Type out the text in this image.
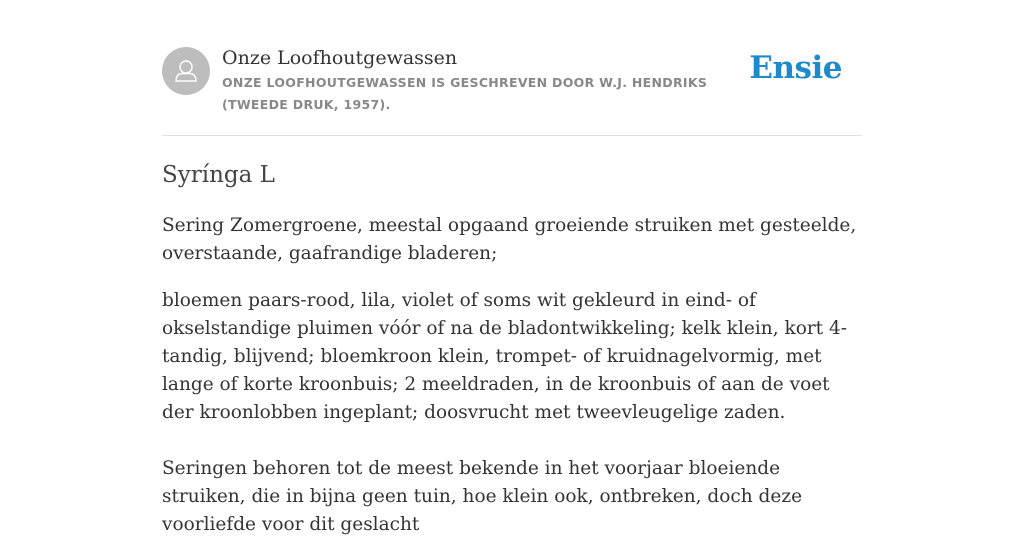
Onze Loofhoutgewassen
ONZE LOOFHOUTGEWASSEN IS GESCHREVEN DOOR W.J. HENDRIKS (TWEEDE DRUK, 1957).
Ensie
Syrínga L

Sering Zomergroene, meestal opgaand groeiende struiken met gesteelde, overstaande, gaafrandige bladeren;

bloemen paars-rood, lila, violet of soms wit gekleurd in eind- of okselstandige pluimen vóór of na de bladontwikkeling; kelk klein, kort 4-tandig, blijvend; bloemkroon klein, trompet- of kruidnagelvormig, met lange of korte kroonbuis; 2 meeldraden, in de kroonbuis of aan de voet der kroonlobben ingeplant; doosvrucht met tweevleugelige zaden.

Seringen behoren tot de meest bekende in het voorjaar bloeiende struiken, die in bijna geen tuin, hoe klein ook, ontbreken, doch deze voorliefde voor dit geslacht
